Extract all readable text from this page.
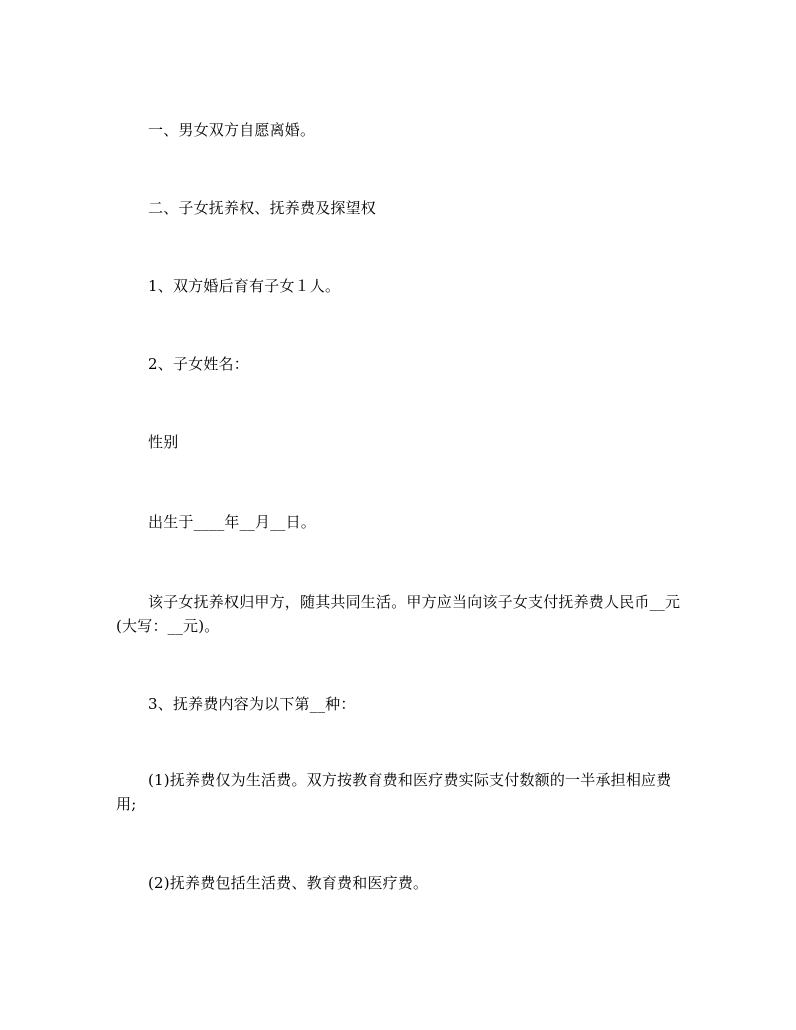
一、男女双方自愿离婚。

二、子女抚养权、抚养费及探望权

1、双方婚后育有子女１人。

2、子女姓名：

性别

出生于____年__月__日。

该子女抚养权归甲方，随其共同生活。甲方应当向该子女支付抚养费人民币__元(大写：__元)。

3、抚养费内容为以下第__种：

(1)抚养费仅为生活费。双方按教育费和医疗费实际支付数额的一半承担相应费用;

(2)抚养费包括生活费、教育费和医疗费。
